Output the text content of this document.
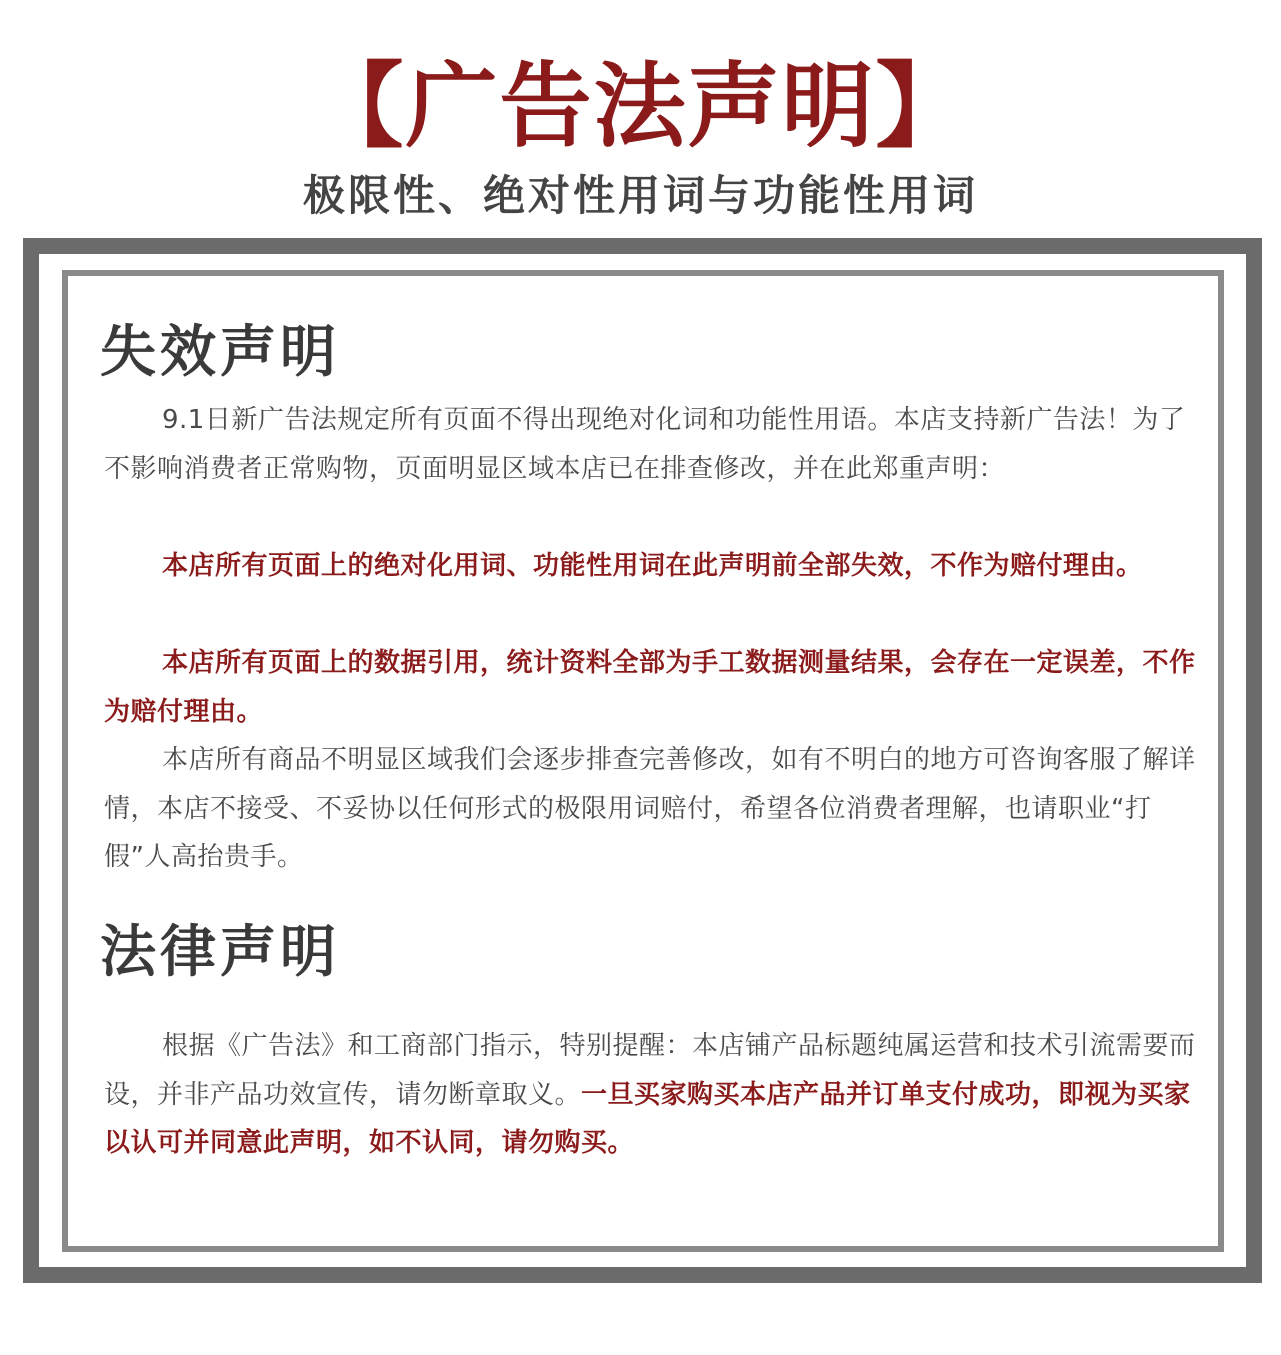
【广告法声明】
极限性、绝对性用词与功能性用词
失效声明

9.1日新广告法规定所有页面不得出现绝对化词和功能性用语。本店支持新广告法！为了不影响消费者正常购物，页面明显区域本店已在排查修改，并在此郑重声明：

本店所有页面上的绝对化用词、功能性用词在此声明前全部失效，不作为赔付理由。

本店所有页面上的数据引用，统计资料全部为手工数据测量结果，会存在一定误差，不作为赔付理由。

本店所有商品不明显区域我们会逐步排查完善修改，如有不明白的地方可咨询客服了解详情，本店不接受、不妥协以任何形式的极限用词赔付，希望各位消费者理解，也请职业“打假”人高抬贵手。

法律声明

根据《广告法》和工商部门指示，特别提醒：本店铺产品标题纯属运营和技术引流需要而设，并非产品功效宣传，请勿断章取义。一旦买家购买本店产品并订单支付成功，即视为买家以认可并同意此声明，如不认同，请勿购买。
